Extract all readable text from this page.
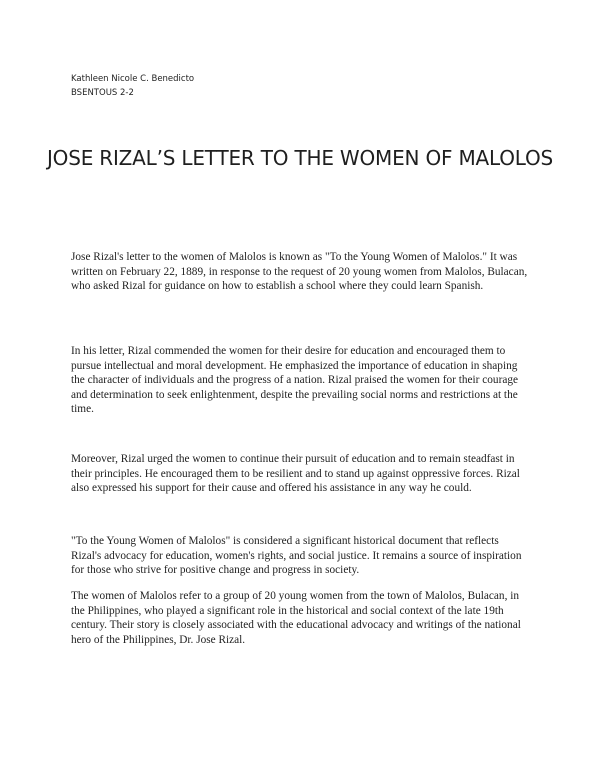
Kathleen Nicole C. Benedicto
BSENTOUS 2-2
JOSE RIZAL’S LETTER TO THE WOMEN OF MALOLOS

Jose Rizal's letter to the women of Malolos is known as "To the Young Women of Malolos." It was written on February 22, 1889, in response to the request of 20 young women from Malolos, Bulacan, who asked Rizal for guidance on how to establish a school where they could learn Spanish.

In his letter, Rizal commended the women for their desire for education and encouraged them to pursue intellectual and moral development. He emphasized the importance of education in shaping the character of individuals and the progress of a nation. Rizal praised the women for their courage and determination to seek enlightenment, despite the prevailing social norms and restrictions at the time.

Moreover, Rizal urged the women to continue their pursuit of education and to remain steadfast in their principles. He encouraged them to be resilient and to stand up against oppressive forces. Rizal also expressed his support for their cause and offered his assistance in any way he could.

"To the Young Women of Malolos" is considered a significant historical document that reflects Rizal's advocacy for education, women's rights, and social justice. It remains a source of inspiration for those who strive for positive change and progress in society.

The women of Malolos refer to a group of 20 young women from the town of Malolos, Bulacan, in the Philippines, who played a significant role in the historical and social context of the late 19th century. Their story is closely associated with the educational advocacy and writings of the national hero of the Philippines, Dr. Jose Rizal.
